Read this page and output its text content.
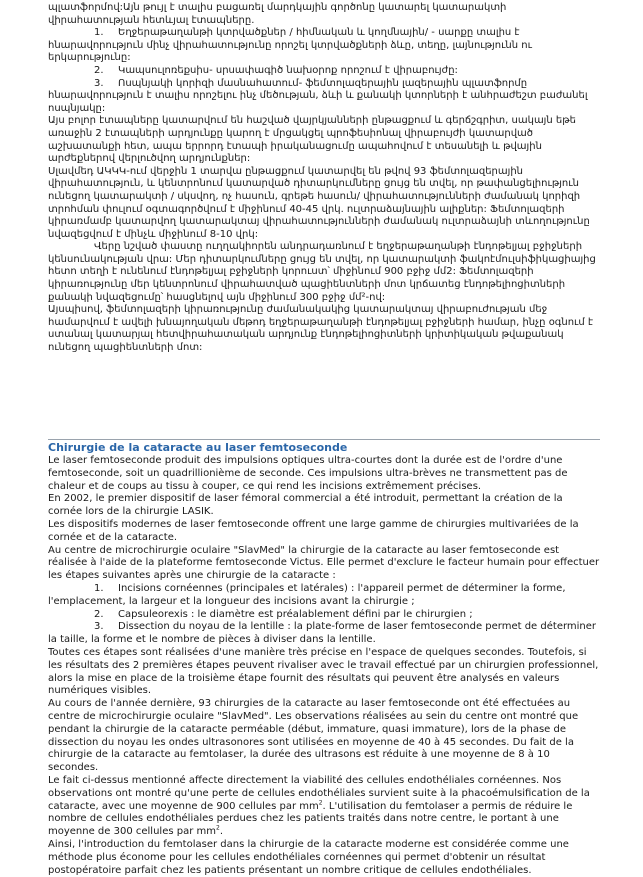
պլատֆորմով:Այն թույլ է տալիս բացառել մարդկային գործոնը կատարել կատարակտի վիրահատության հետևյալ էտապները.

1. Եղջերաթաղանթի կտրվածքներ / հիմնական և կողմնային/ - սարքը տալիս է հնարավորություն մինչ վիրահատությունը որոշել կտրվածքների ձևը, տեղը, լայնությունն ու երկարությունը:

2. Կապսուլոռեքսիս- սրսափագիծ նախօրոք որոշում է վիրաբույժը:

3. Ոսպնյակի կորիզի մասնահատում- ֆեմտոլազերային լազերային պլատֆորմը հնարավորություն է տալիս որոշելու ինչ մեծության, ձևի և քանակի կտորների է անհրաժեշտ բաժանել ոսպնյակը:

Այս բոլոր էտապները կատարվում են հաշված վայրկյանների ընթացքում և գերճշգրիտ, սակայն եթե առաջին 2 էտապների արդյունքը կարող է մրցակցել պրոֆեսիոնալ վիրաբույժի կատարված աշխատանքի հետ, ապա երրորդ էտապի իրականացումը ապահովում է տեսանելի և թվային արժեքներով վերլուծվող արդյունքներ:

Սլավմեդ ԱԿԿԿ-ում վերջին 1 տարվա ընթացքում կատարվել են թվով 93 ֆեմտոլազերային վիրահատություն, և կենտրոնում կատարված դիտարկումները ցույց են տվել, որ թափանցելիություն ունեցող կատարակտի / սկսվող, ոչ հասուն, գրեթե հասուն/ վիրահատությունների ժամանակ կորիզի տրոհման փուլում օգտագործվում է միջինում 40-45 վրկ. ուլտրաձայնային ալիքներ: Ֆեմտոլազերի կիրառմամբ կատարվող կատարակտայ վիրահատությունների ժամանակ ուլտրաձայնի տևողությունը նվազեցվում է մինչև միջինում 8-10 վրկ:

Վերը նշված փաստը ուղղակիորեն անդրադառնում է եղջերաթաղանթի էնդոթելյալ բջիջների կենսունակության վրա: Մեր դիտարկումները ցույց են տվել, որ կատարակտի ֆակոէմուլսիֆիկացիայից հետո տեղի է ունենում էնդոթելյալ բջիջների կորուստ՝ միջինում 900 բջիջ մմ2: Ֆեմտոլազերի կիրառությունը մեր կենտրոնում վիրահատված պացիենտների մոտ կրճատեց էնդոթելիոցիտների քանակի նվազեցումը՝ հասցնելով այն միջինում 300 բջիջ մմ²-ով:

Այսպիսով, ֆեմտոլազերի կիրառությունը ժամանակակից կատարակտայ վիրաբուժության մեջ համարվում է ավելի խնայողական մեթոդ եղջերաթաղանթի էնդոթելյալ բջիջների համար, ինչը օգնում է ստանալ կատարյալ հետվիրահատական արդյունք էնդոթելիոցիտների կրիտիկական թվաքանակ ունեցող պացիենտների մոտ:

Chirurgie de la cataracte au laser femtoseconde

Le laser femtoseconde produit des impulsions optiques ultra-courtes dont la durée est de l'ordre d'une femtoseconde, soit un quadrillionième de seconde. Ces impulsions ultra-brèves ne transmettent pas de chaleur et de coups au tissu à couper, ce qui rend les incisions extrêmement précises.

En 2002, le premier dispositif de laser fémoral commercial a été introduit, permettant la création de la cornée lors de la chirurgie LASIK.

Les dispositifs modernes de laser femtoseconde offrent une large gamme de chirurgies multivariées de la cornée et de la cataracte.

Au centre de microchirurgie oculaire "SlavMed" la chirurgie de la cataracte au laser femtoseconde est réalisée à l'aide de la plateforme femtoseconde Victus. Elle permet d'exclure le facteur humain pour effectuer les étapes suivantes après une chirurgie de la cataracte :

1. Incisions cornéennes (principales et latérales) : l'appareil permet de déterminer la forme, l'emplacement, la largeur et la longueur des incisions avant la chirurgie ;

2. Capsuleorexis : le diamètre est préalablement défini par le chirurgien ;

3. Dissection du noyau de la lentille : la plate-forme de laser femtoseconde permet de déterminer la taille, la forme et le nombre de pièces à diviser dans la lentille.

Toutes ces étapes sont réalisées d'une manière très précise en l'espace de quelques secondes. Toutefois, si les résultats des 2 premières étapes peuvent rivaliser avec le travail effectué par un chirurgien professionnel, alors la mise en place de la troisième étape fournit des résultats qui peuvent être analysés en valeurs numériques visibles.

Au cours de l'année dernière, 93 chirurgies de la cataracte au laser femtoseconde ont été effectuées au centre de microchirurgie oculaire "SlavMed". Les observations réalisées au sein du centre ont montré que pendant la chirurgie de la cataracte perméable (début, immature, quasi immature), lors de la phase de dissection du noyau les ondes ultrasonores sont utilisées en moyenne de 40 à 45 secondes. Du fait de la chirurgie de la cataracte au femtolaser, la durée des ultrasons est réduite à une moyenne de 8 à 10 secondes.

Le fait ci-dessus mentionné affecte directement la viabilité des cellules endothéliales cornéennes. Nos observations ont montré qu'une perte de cellules endothéliales survient suite à la phacoémulsification de la cataracte, avec une moyenne de 900 cellules par $mm^2$. L'utilisation du femtolaser a permis de réduire le nombre de cellules endothéliales perdues chez les patients traités dans notre centre, le portant à une moyenne de 300 cellules par $mm^2$.

Ainsi, l'introduction du femtolaser dans la chirurgie de la cataracte moderne est considérée comme une méthode plus économe pour les cellules endothéliales cornéennes qui permet d'obtenir un résultat postopératoire parfait chez les patients présentant un nombre critique de cellules endothéliales.
